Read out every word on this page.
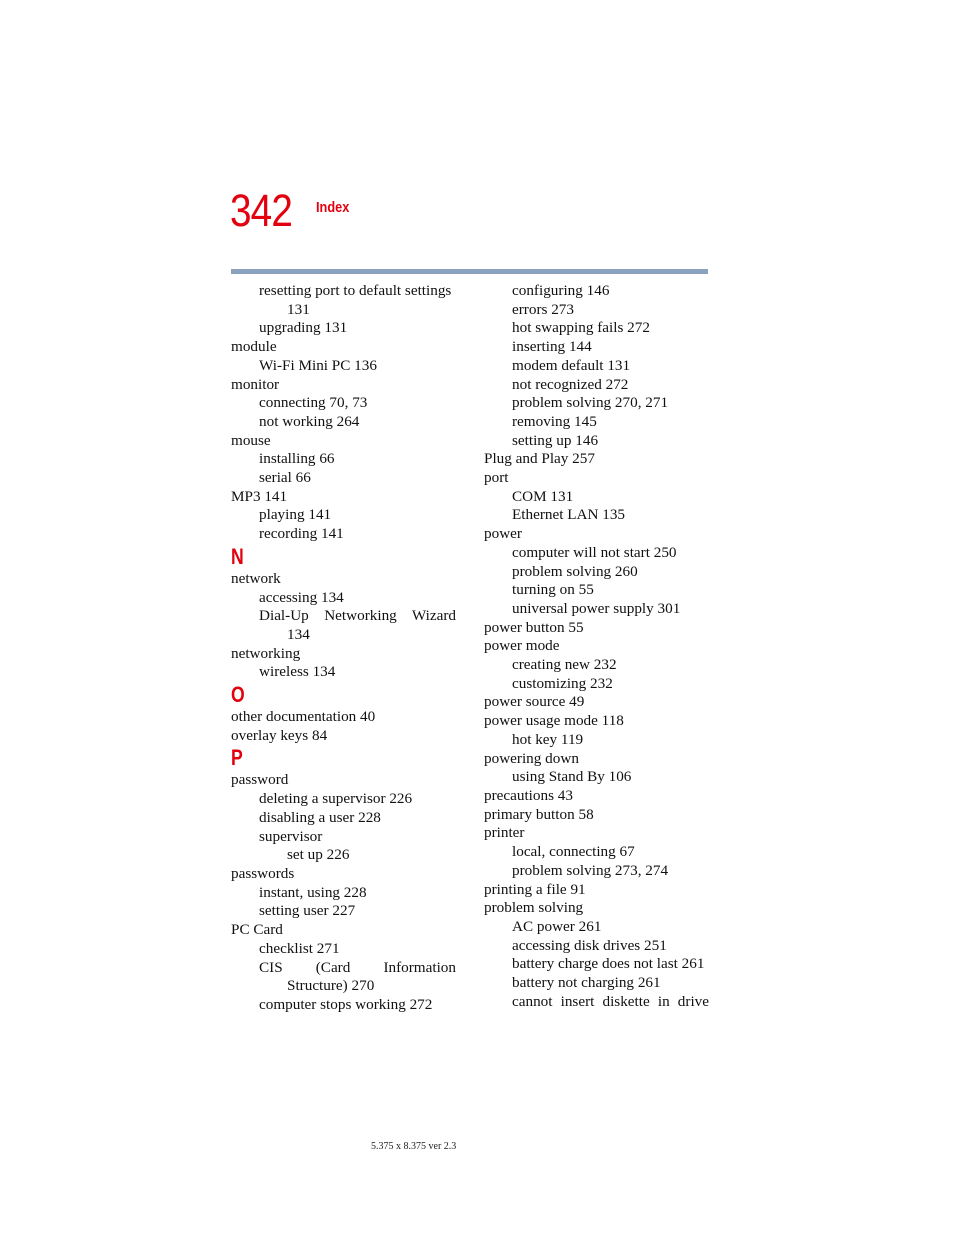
342 Index
resetting port to default settings
131
upgrading 131
module
Wi-Fi Mini PC 136
monitor
connecting 70, 73
not working 264
mouse
installing 66
serial 66
MP3 141
playing 141
recording 141
N
network
accessing 134
Dial-Up Networking Wizard
134
networking
wireless 134
O
other documentation 40
overlay keys 84
P
password
deleting a supervisor 226
disabling a user 228
supervisor
set up 226
passwords
instant, using 228
setting user 227
PC Card
checklist 271
CIS (Card Information
Structure) 270
computer stops working 272
configuring 146
errors 273
hot swapping fails 272
inserting 144
modem default 131
not recognized 272
problem solving 270, 271
removing 145
setting up 146
Plug and Play 257
port
COM 131
Ethernet LAN 135
power
computer will not start 250
problem solving 260
turning on 55
universal power supply 301
power button 55
power mode
creating new 232
customizing 232
power source 49
power usage mode 118
hot key 119
powering down
using Stand By 106
precautions 43
primary button 58
printer
local, connecting 67
problem solving 273, 274
printing a file 91
problem solving
AC power 261
accessing disk drives 251
battery charge does not last 261
battery not charging 261
cannot insert diskette in drive
5.375 x 8.375 ver 2.3
